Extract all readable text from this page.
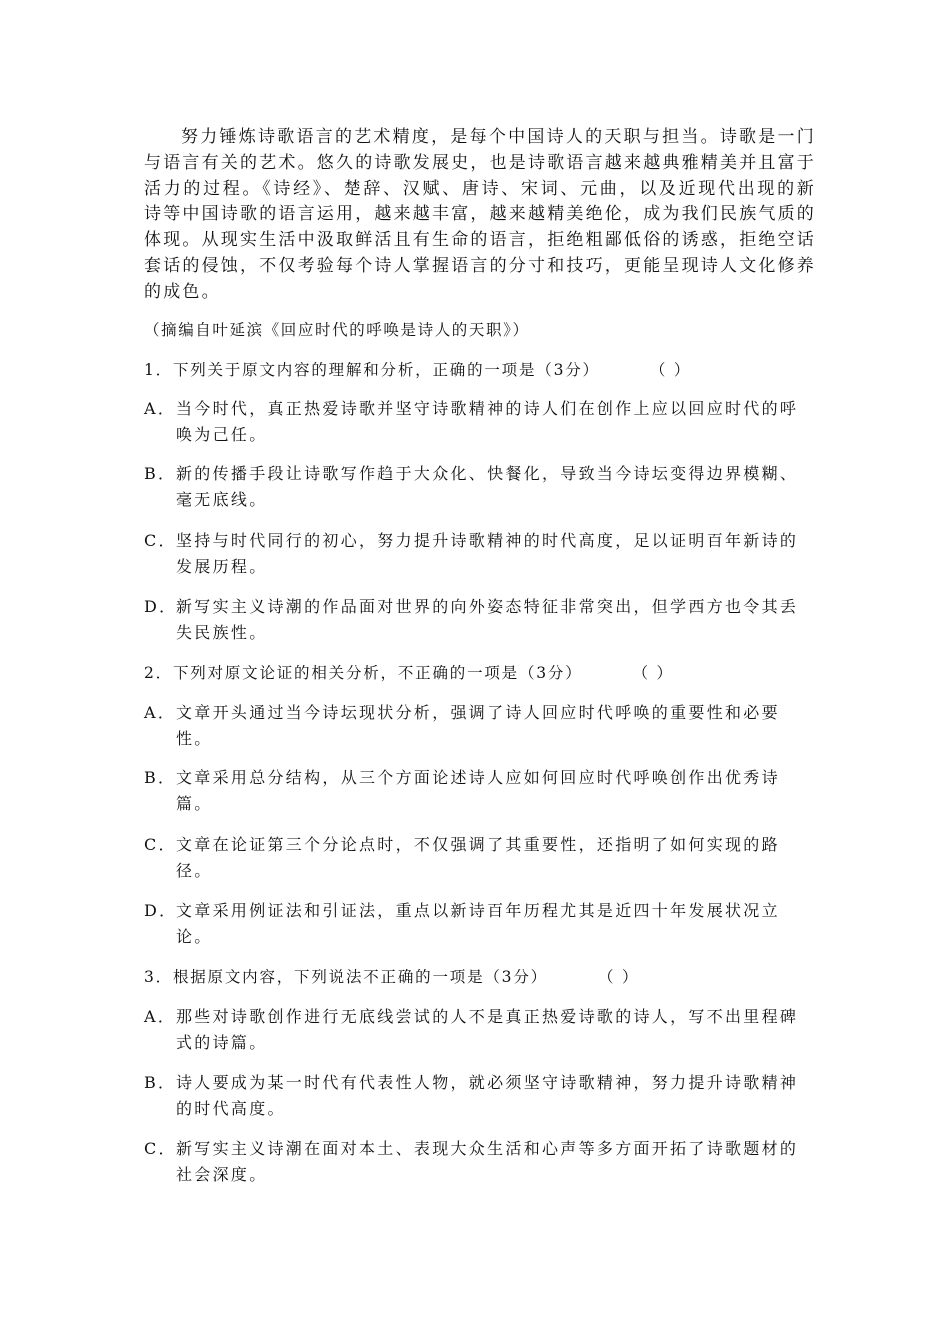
努力锤炼诗歌语言的艺术精度，是每个中国诗人的天职与担当。诗歌是一门与语言有关的艺术。悠久的诗歌发展史，也是诗歌语言越来越典雅精美并且富于活力的过程。《诗经》、楚辞、汉赋、唐诗、宋词、元曲，以及近现代出现的新诗等中国诗歌的语言运用，越来越丰富，越来越精美绝伦，成为我们民族气质的体现。从现实生活中汲取鲜活且有生命的语言，拒绝粗鄙低俗的诱惑，拒绝空话套话的侵蚀，不仅考验每个诗人掌握语言的分寸和技巧，更能呈现诗人文化修养的成色。

（摘编自叶延滨《回应时代的呼唤是诗人的天职》）

1．下列关于原文内容的理解和分析，正确的一项是（3分）	（ ）

A． 当今时代，真正热爱诗歌并坚守诗歌精神的诗人们在创作上应以回应时代的呼唤为己任。
B． 新的传播手段让诗歌写作趋于大众化、快餐化，导致当今诗坛变得边界模糊、毫无底线。
C． 坚持与时代同行的初心，努力提升诗歌精神的时代高度，足以证明百年新诗的发展历程。
D．
新写实主义诗潮的作品面对世界的向外姿态特征非常突出，但学西方也令其丢失民族性。

2．下列对原文论证的相关分析，不正确的一项是（3分）	（ ）

A． 文章开头通过当今诗坛现状分析，强调了诗人回应时代呼唤的重要性和必要性。
B． 文章采用总分结构，从三个方面论述诗人应如何回应时代呼唤创作出优秀诗篇。
C． 文章在论证第三个分论点时，不仅强调了其重要性，还指明了如何实现的路径。
D．
文章采用例证法和引证法，重点以新诗百年历程尤其是近四十年发展状况立论。

3．根据原文内容，下列说法不正确的一项是（3分）	（ ）

A． 那些对诗歌创作进行无底线尝试的人不是真正热爱诗歌的诗人，写不出里程碑式的诗篇。
B． 诗人要成为某一时代有代表性人物，就必须坚守诗歌精神，努力提升诗歌精神的时代高度。
C． 新写实主义诗潮在面对本土、表现大众生活和心声等多方面开拓了诗歌题材的社会深度。
